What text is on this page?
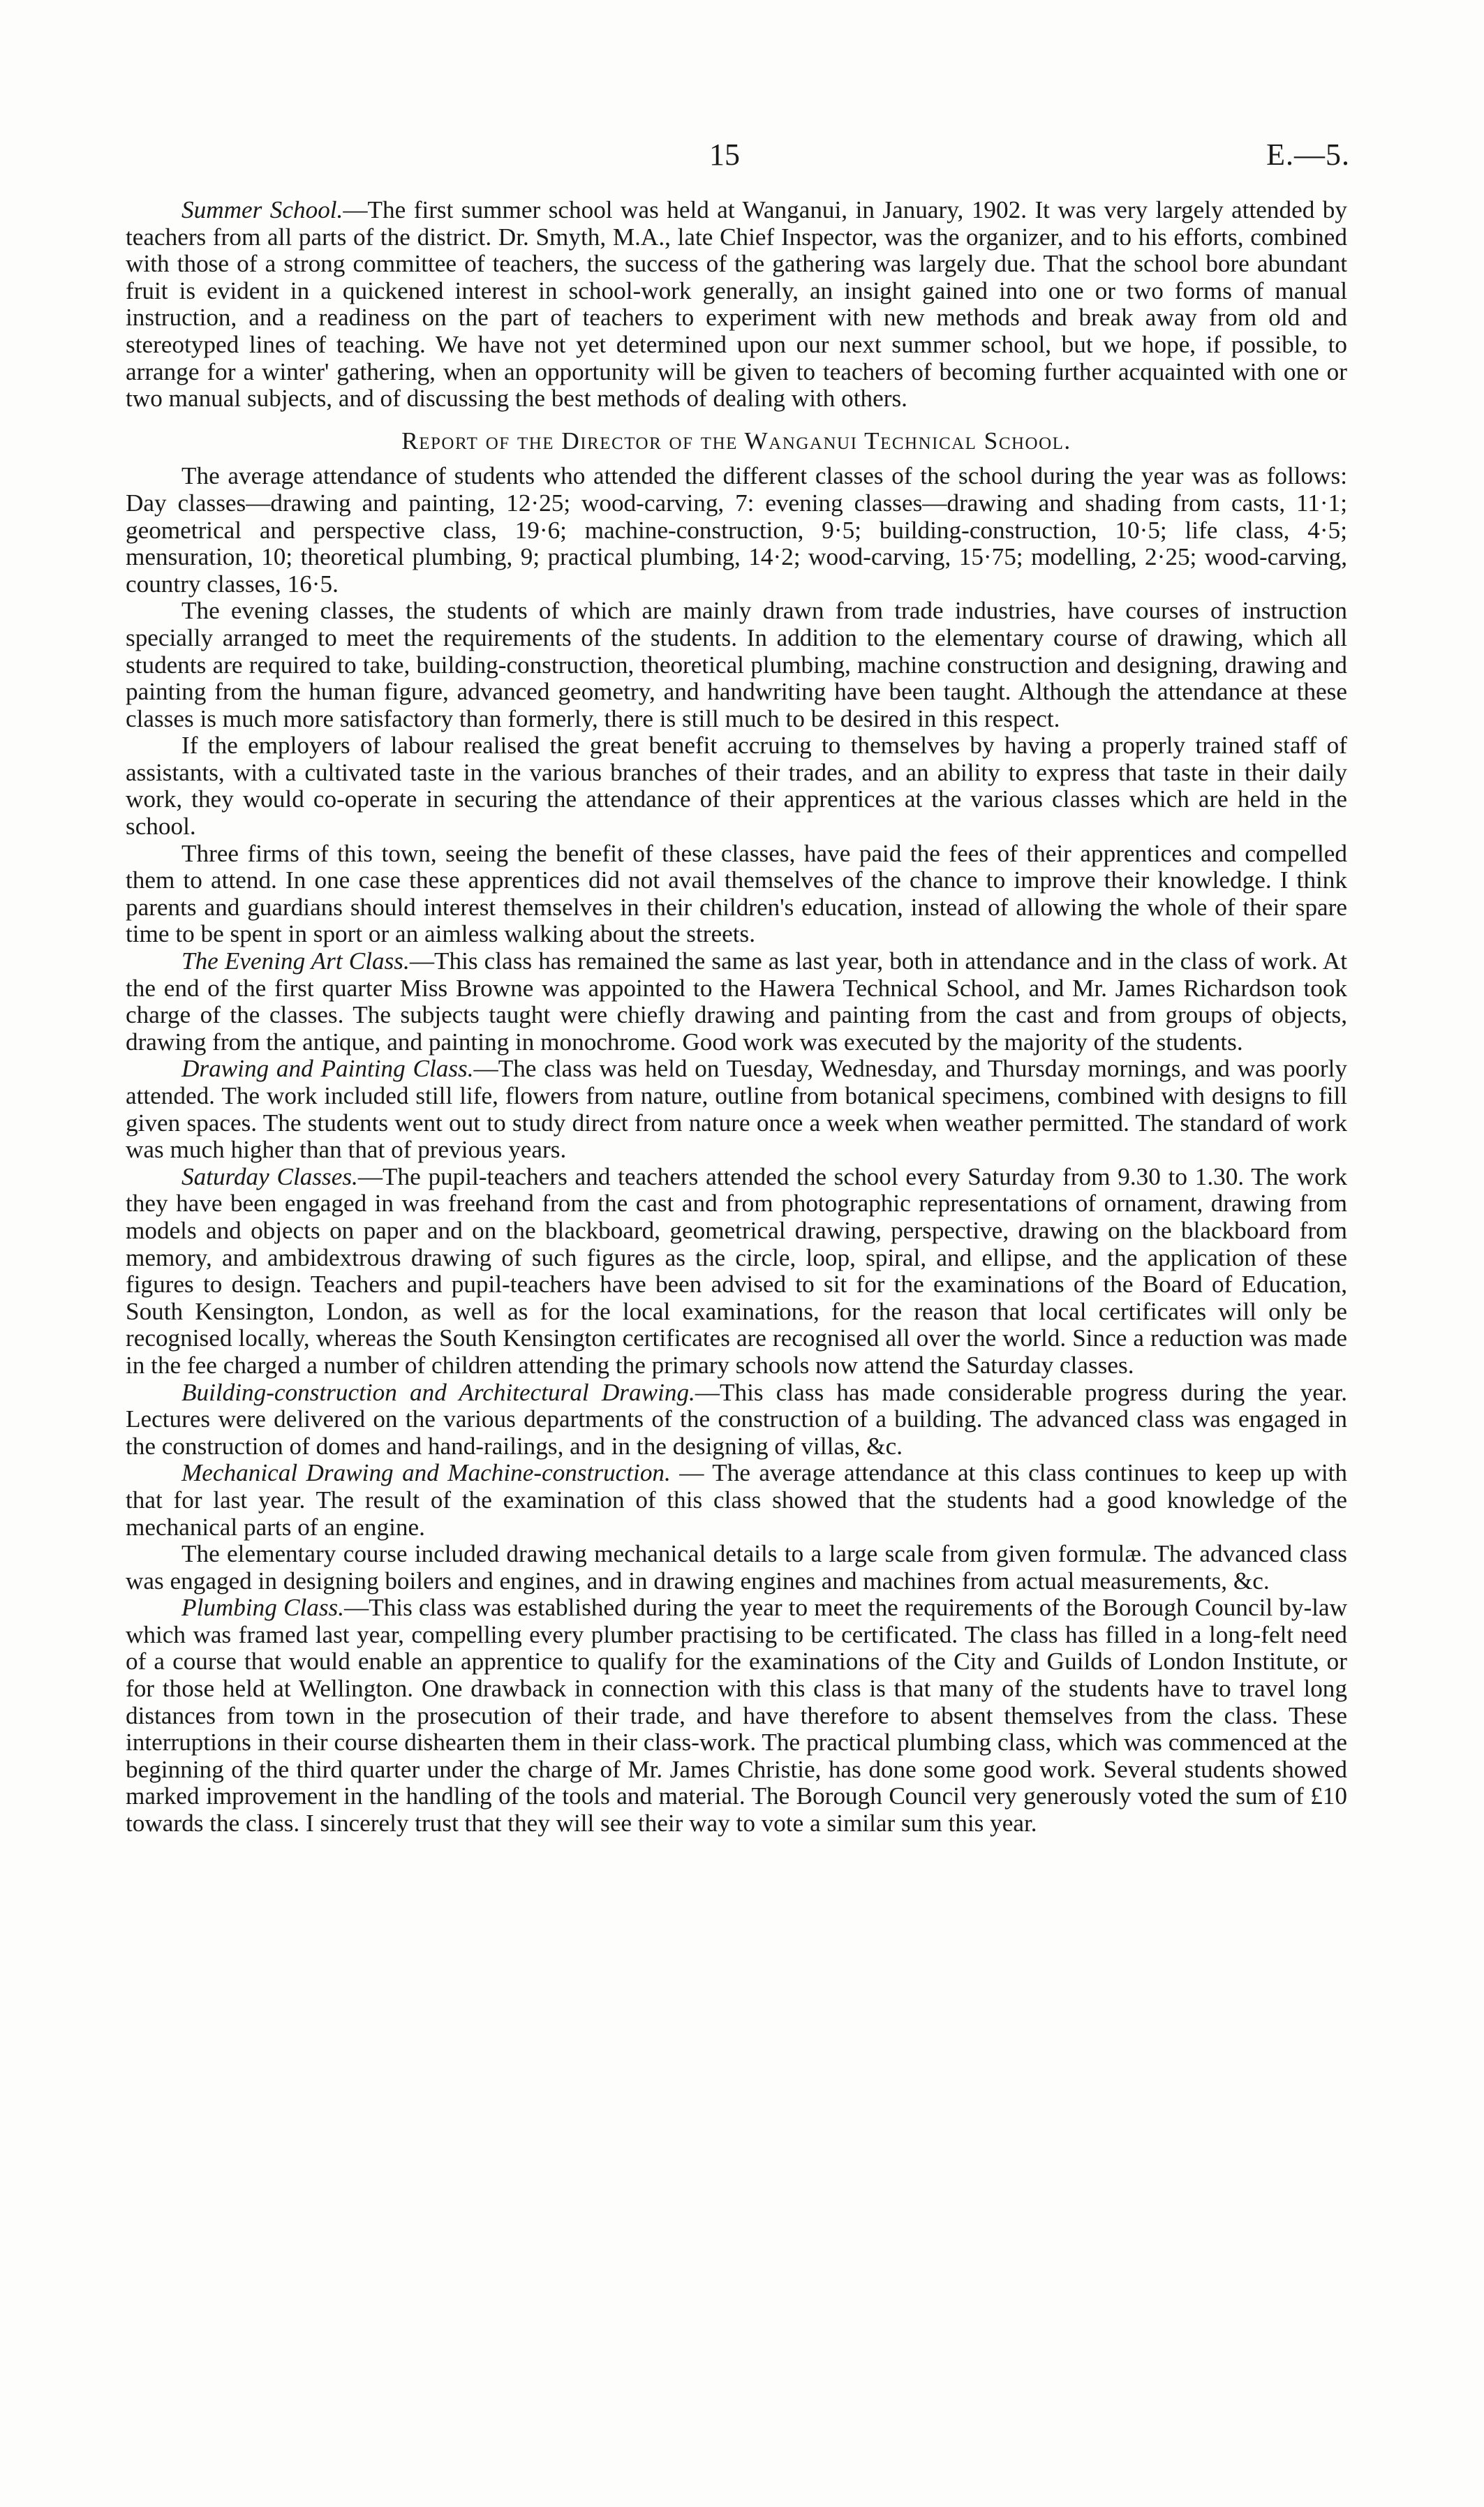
15	E.—5.

Summer School.—The first summer school was held at Wanganui, in January, 1902. It was very largely attended by teachers from all parts of the district. Dr. Smyth, M.A., late Chief Inspector, was the organizer, and to his efforts, combined with those of a strong committee of teachers, the success of the gathering was largely due. That the school bore abundant fruit is evident in a quickened interest in school-work generally, an insight gained into one or two forms of manual instruction, and a readiness on the part of teachers to experiment with new methods and break away from old and stereotyped lines of teaching. We have not yet determined upon our next summer school, but we hope, if possible, to arrange for a winter' gathering, when an opportunity will be given to teachers of becoming further acquainted with one or two manual subjects, and of discussing the best methods of dealing with others.

Report of the Director of the Wanganui Technical School.

The average attendance of students who attended the different classes of the school during the year was as follows: Day classes—drawing and painting, 12·25; wood-carving, 7: evening classes—drawing and shading from casts, 11·1; geometrical and perspective class, 19·6; machine-construction, 9·5; building-construction, 10·5; life class, 4·5; mensuration, 10; theoretical plumbing, 9; practical plumbing, 14·2; wood-carving, 15·75; modelling, 2·25; wood-carving, country classes, 16·5.

The evening classes, the students of which are mainly drawn from trade industries, have courses of instruction specially arranged to meet the requirements of the students. In addition to the elementary course of drawing, which all students are required to take, building-construction, theoretical plumbing, machine construction and designing, drawing and painting from the human figure, advanced geometry, and handwriting have been taught. Although the attendance at these classes is much more satisfactory than formerly, there is still much to be desired in this respect.

If the employers of labour realised the great benefit accruing to themselves by having a properly trained staff of assistants, with a cultivated taste in the various branches of their trades, and an ability to express that taste in their daily work, they would co-operate in securing the attendance of their apprentices at the various classes which are held in the school.

Three firms of this town, seeing the benefit of these classes, have paid the fees of their apprentices and compelled them to attend. In one case these apprentices did not avail themselves of the chance to improve their knowledge. I think parents and guardians should interest themselves in their children's education, instead of allowing the whole of their spare time to be spent in sport or an aimless walking about the streets.

The Evening Art Class.—This class has remained the same as last year, both in attendance and in the class of work. At the end of the first quarter Miss Browne was appointed to the Hawera Technical School, and Mr. James Richardson took charge of the classes. The subjects taught were chiefly drawing and painting from the cast and from groups of objects, drawing from the antique, and painting in monochrome. Good work was executed by the majority of the students.

Drawing and Painting Class.—The class was held on Tuesday, Wednesday, and Thursday mornings, and was poorly attended. The work included still life, flowers from nature, outline from botanical specimens, combined with designs to fill given spaces. The students went out to study direct from nature once a week when weather permitted. The standard of work was much higher than that of previous years.

Saturday Classes.—The pupil-teachers and teachers attended the school every Saturday from 9.30 to 1.30. The work they have been engaged in was freehand from the cast and from photographic representations of ornament, drawing from models and objects on paper and on the blackboard, geometrical drawing, perspective, drawing on the blackboard from memory, and ambidextrous drawing of such figures as the circle, loop, spiral, and ellipse, and the application of these figures to design. Teachers and pupil-teachers have been advised to sit for the examinations of the Board of Education, South Kensington, London, as well as for the local examinations, for the reason that local certificates will only be recognised locally, whereas the South Kensington certificates are recognised all over the world. Since a reduction was made in the fee charged a number of children attending the primary schools now attend the Saturday classes.

Building-construction and Architectural Drawing.—This class has made considerable progress during the year. Lectures were delivered on the various departments of the construction of a building. The advanced class was engaged in the construction of domes and hand-railings, and in the designing of villas, &c.

Mechanical Drawing and Machine-construction. — The average attendance at this class continues to keep up with that for last year. The result of the examination of this class showed that the students had a good knowledge of the mechanical parts of an engine.

The elementary course included drawing mechanical details to a large scale from given formulæ. The advanced class was engaged in designing boilers and engines, and in drawing engines and machines from actual measurements, &c.

Plumbing Class.—This class was established during the year to meet the requirements of the Borough Council by-law which was framed last year, compelling every plumber practising to be certificated. The class has filled in a long-felt need of a course that would enable an apprentice to qualify for the examinations of the City and Guilds of London Institute, or for those held at Wellington. One drawback in connection with this class is that many of the students have to travel long distances from town in the prosecution of their trade, and have therefore to absent themselves from the class. These interruptions in their course dishearten them in their class-work. The practical plumbing class, which was commenced at the beginning of the third quarter under the charge of Mr. James Christie, has done some good work. Several students showed marked improvement in the handling of the tools and material. The Borough Council very generously voted the sum of £10 towards the class. I sincerely trust that they will see their way to vote a similar sum this year.
